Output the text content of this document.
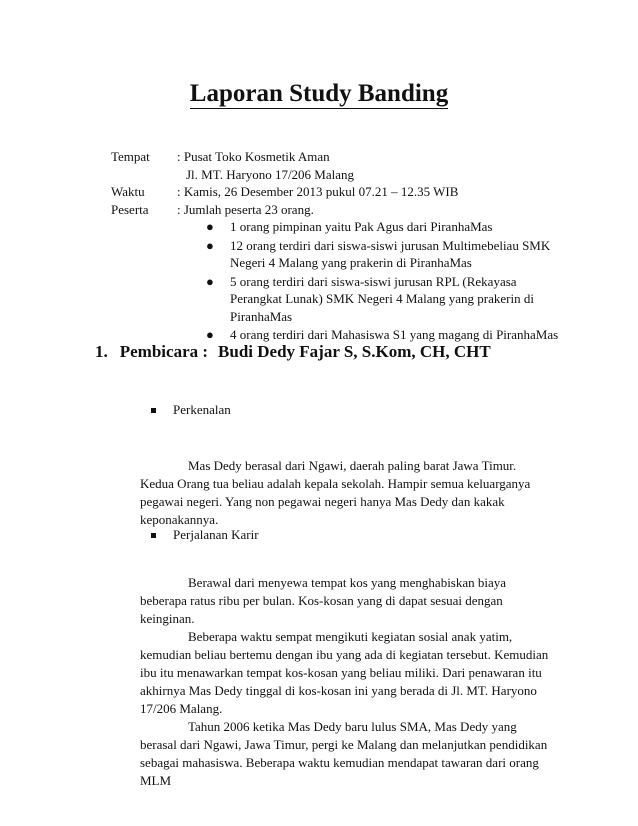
Laporan Study Banding
Tempat	: Pusat Toko Kosmetik Aman
Jl. MT. Haryono 17/206 Malang
Waktu	: Kamis, 26 Desember 2013 pukul 07.21 – 12.35 WIB
Peserta	: Jumlah peserta 23 orang.
● 1 orang pimpinan yaitu Pak Agus dari PiranhaMas
● 12 orang terdiri dari siswa-siswi jurusan Multimebeliau SMK Negeri 4 Malang yang prakerin di PiranhaMas
● 5 orang terdiri dari siswa-siswi jurusan RPL (Rekayasa Perangkat Lunak) SMK Negeri 4 Malang yang prakerin di PiranhaMas
● 4 orang terdiri dari Mahasiswa S1 yang magang di PiranhaMas
1. Pembicara : Budi Dedy Fajar S, S.Kom, CH, CHT
Perkenalan

Mas Dedy berasal dari Ngawi, daerah paling barat Jawa Timur. Kedua Orang tua beliau adalah kepala sekolah. Hampir semua keluarganya pegawai negeri. Yang non pegawai negeri hanya Mas Dedy dan kakak keponakannya.

Perjalanan Karir

Berawal dari menyewa tempat kos yang menghabiskan biaya beberapa ratus ribu per bulan. Kos-kosan yang di dapat sesuai dengan keinginan.

Beberapa waktu sempat mengikuti kegiatan sosial anak yatim, kemudian beliau bertemu dengan ibu yang ada di kegiatan tersebut. Kemudian ibu itu menawarkan tempat kos-kosan yang beliau miliki. Dari penawaran itu akhirnya Mas Dedy tinggal di kos-kosan ini yang berada di Jl. MT. Haryono 17/206 Malang.

Tahun 2006 ketika Mas Dedy baru lulus SMA, Mas Dedy yang berasal dari Ngawi, Jawa Timur, pergi ke Malang dan melanjutkan pendidikan sebagai mahasiswa. Beberapa waktu kemudian mendapat tawaran dari orang MLM
